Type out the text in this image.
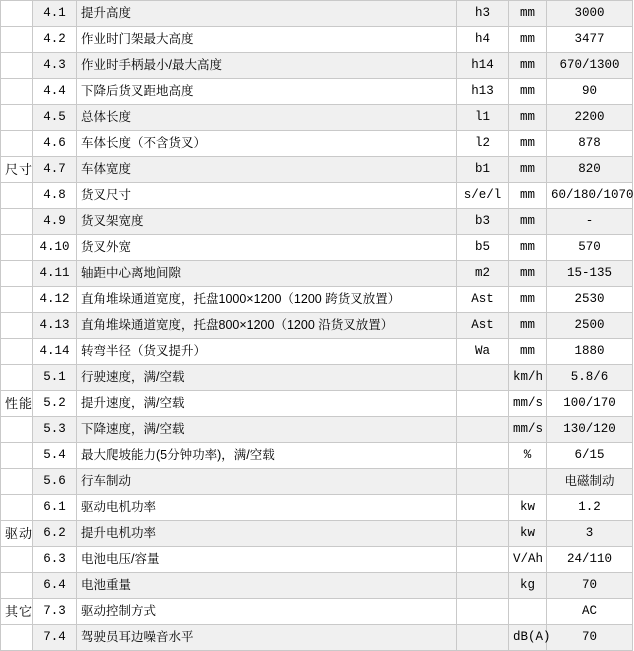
	4.1	提升高度	h3	mm	3000
	4.2	作业时门架最大高度	h4	mm	3477
	4.3	作业时手柄最小/最大高度	h14	mm	670/1300
	4.4	下降后货叉距地高度	h13	mm	90
	4.5	总体长度	l1	mm	2200
	4.6	车体长度（不含货叉）	l2	mm	878
尺寸	4.7	车体宽度	b1	mm	820
	4.8	货叉尺寸	s/e/l	mm	60/180/1070
	4.9	货叉架宽度	b3	mm	-
	4.10	货叉外宽	b5	mm	570
	4.11	轴距中心离地间隙	m2	mm	15-135
	4.12	直角堆垛通道宽度，托盘1000×1200（1200 跨货叉放置）	Ast	mm	2530
	4.13	直角堆垛通道宽度，托盘800×1200（1200 沿货叉放置）	Ast	mm	2500
	4.14	转弯半径（货叉提升）	Wa	mm	1880
	5.1	行驶速度，满/空载		km/h	5.8/6
性能	5.2	提升速度，满/空载		mm/s	100/170
	5.3	下降速度，满/空载		mm/s	130/120
	5.4	最大爬坡能力(5分钟功率)，满/空载		%	6/15
	5.6	行车制动			电磁制动
	6.1	驱动电机功率		kw	1.2
驱动	6.2	提升电机功率		kw	3
	6.3	电池电压/容量		V/Ah	24/110
	6.4	电池重量		kg	70
其它	7.3	驱动控制方式			AC
	7.4	驾驶员耳边噪音水平		dB(A)	70
